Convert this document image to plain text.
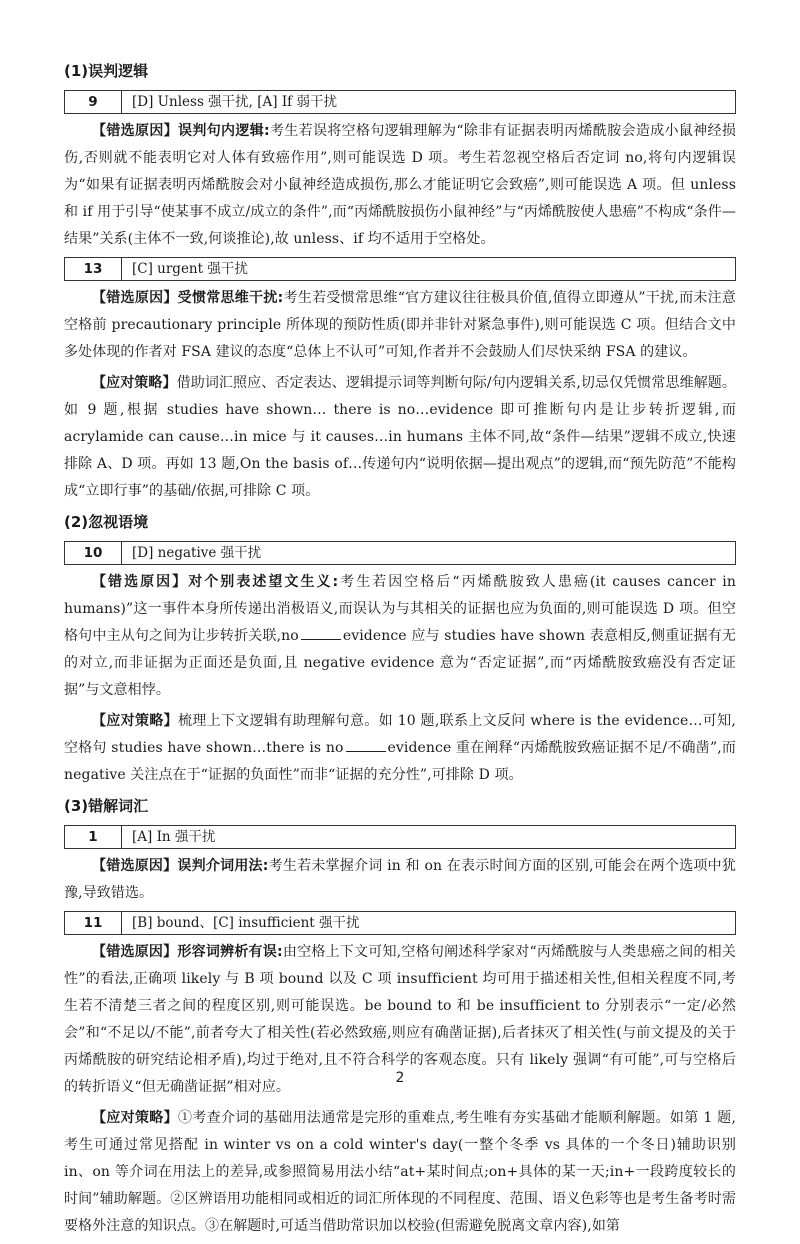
(1)误判逻辑
9	[D] Unless 强干扰, [A] If 弱干扰

【错选原因】误判句内逻辑:考生若误将空格句逻辑理解为“除非有证据表明丙烯酰胺会造成小鼠神经损伤,否则就不能表明它对人体有致癌作用”,则可能误选 D 项。考生若忽视空格后否定词 no,将句内逻辑误为“如果有证据表明丙烯酰胺会对小鼠神经造成损伤,那么才能证明它会致癌”,则可能误选 A 项。但 unless 和 if 用于引导“使某事不成立/成立的条件”,而“丙烯酰胺损伤小鼠神经”与“丙烯酰胺使人患癌”不构成“条件—结果”关系(主体不一致,何谈推论),故 unless、if 均不适用于空格处。

13	[C] urgent 强干扰

【错选原因】受惯常思维干扰:考生若受惯常思维“官方建议往往极具价值,值得立即遵从”干扰,而未注意空格前 precautionary principle 所体现的预防性质(即并非针对紧急事件),则可能误选 C 项。但结合文中多处体现的作者对 FSA 建议的态度“总体上不认可”可知,作者并不会鼓励人们尽快采纳 FSA 的建议。

【应对策略】借助词汇照应、否定表达、逻辑提示词等判断句际/句内逻辑关系,切忌仅凭惯常思维解题。如 9 题,根据 studies have shown… there is no…evidence 即可推断句内是让步转折逻辑,而 acrylamide can cause…in mice 与 it causes…in humans 主体不同,故“条件—结果”逻辑不成立,快速排除 A、D 项。再如 13 题,On the basis of…传递句内“说明依据—提出观点”的逻辑,而“预先防范”不能构成“立即行事”的基础/依据,可排除 C 项。

(2)忽视语境
10	[D] negative 强干扰

【错选原因】对个别表述望文生义:考生若因空格后“丙烯酰胺致人患癌(it causes cancer in humans)”这一事件本身所传递出消极语义,而误认为与其相关的证据也应为负面的,则可能误选 D 项。但空格句中主从句之间为让步转折关联,no	evidence 应与 studies have shown 表意相反,侧重证据有无的对立,而非证据为正面还是负面,且 negative evidence 意为“否定证据”,而“丙烯酰胺致癌没有否定证据”与文意相悖。

【应对策略】梳理上下文逻辑有助理解句意。如 10 题,联系上文反问 where is the evidence…可知,空格句 studies have shown…there is no	evidence 重在阐释“丙烯酰胺致癌证据不足/不确凿”,而 negative 关注点在于“证据的负面性”而非“证据的充分性”,可排除 D 项。

(3)错解词汇
1	[A] In 强干扰

【错选原因】误判介词用法:考生若未掌握介词 in 和 on 在表示时间方面的区别,可能会在两个选项中犹豫,导致错选。

11	[B] bound、[C] insufficient 强干扰

【错选原因】形容词辨析有误:由空格上下文可知,空格句阐述科学家对“丙烯酰胺与人类患癌之间的相关性”的看法,正确项 likely 与 B 项 bound 以及 C 项 insufficient 均可用于描述相关性,但相关程度不同,考生若不清楚三者之间的程度区别,则可能误选。be bound to 和 be insufficient to 分别表示“一定/必然会”和“不足以/不能”,前者夸大了相关性(若必然致癌,则应有确凿证据),后者抹灭了相关性(与前文提及的关于丙烯酰胺的研究结论相矛盾),均过于绝对,且不符合科学的客观态度。只有 likely 强调“有可能”,可与空格后的转折语义“但无确凿证据”相对应。

【应对策略】①考查介词的基础用法通常是完形的重难点,考生唯有夯实基础才能顺利解题。如第 1 题,考生可通过常见搭配 in winter vs on a cold winter's day(一整个冬季 vs 具体的一个冬日)辅助识别 in、on 等介词在用法上的差异,或参照简易用法小结“at+某时间点;on+具体的某一天;in+一段跨度较长的时间”辅助解题。②区辨语用功能相同或相近的词汇所体现的不同程度、范围、语义色彩等也是考生备考时需要格外注意的知识点。③在解题时,可适当借助常识加以校验(但需避免脱离文章内容),如第

2
